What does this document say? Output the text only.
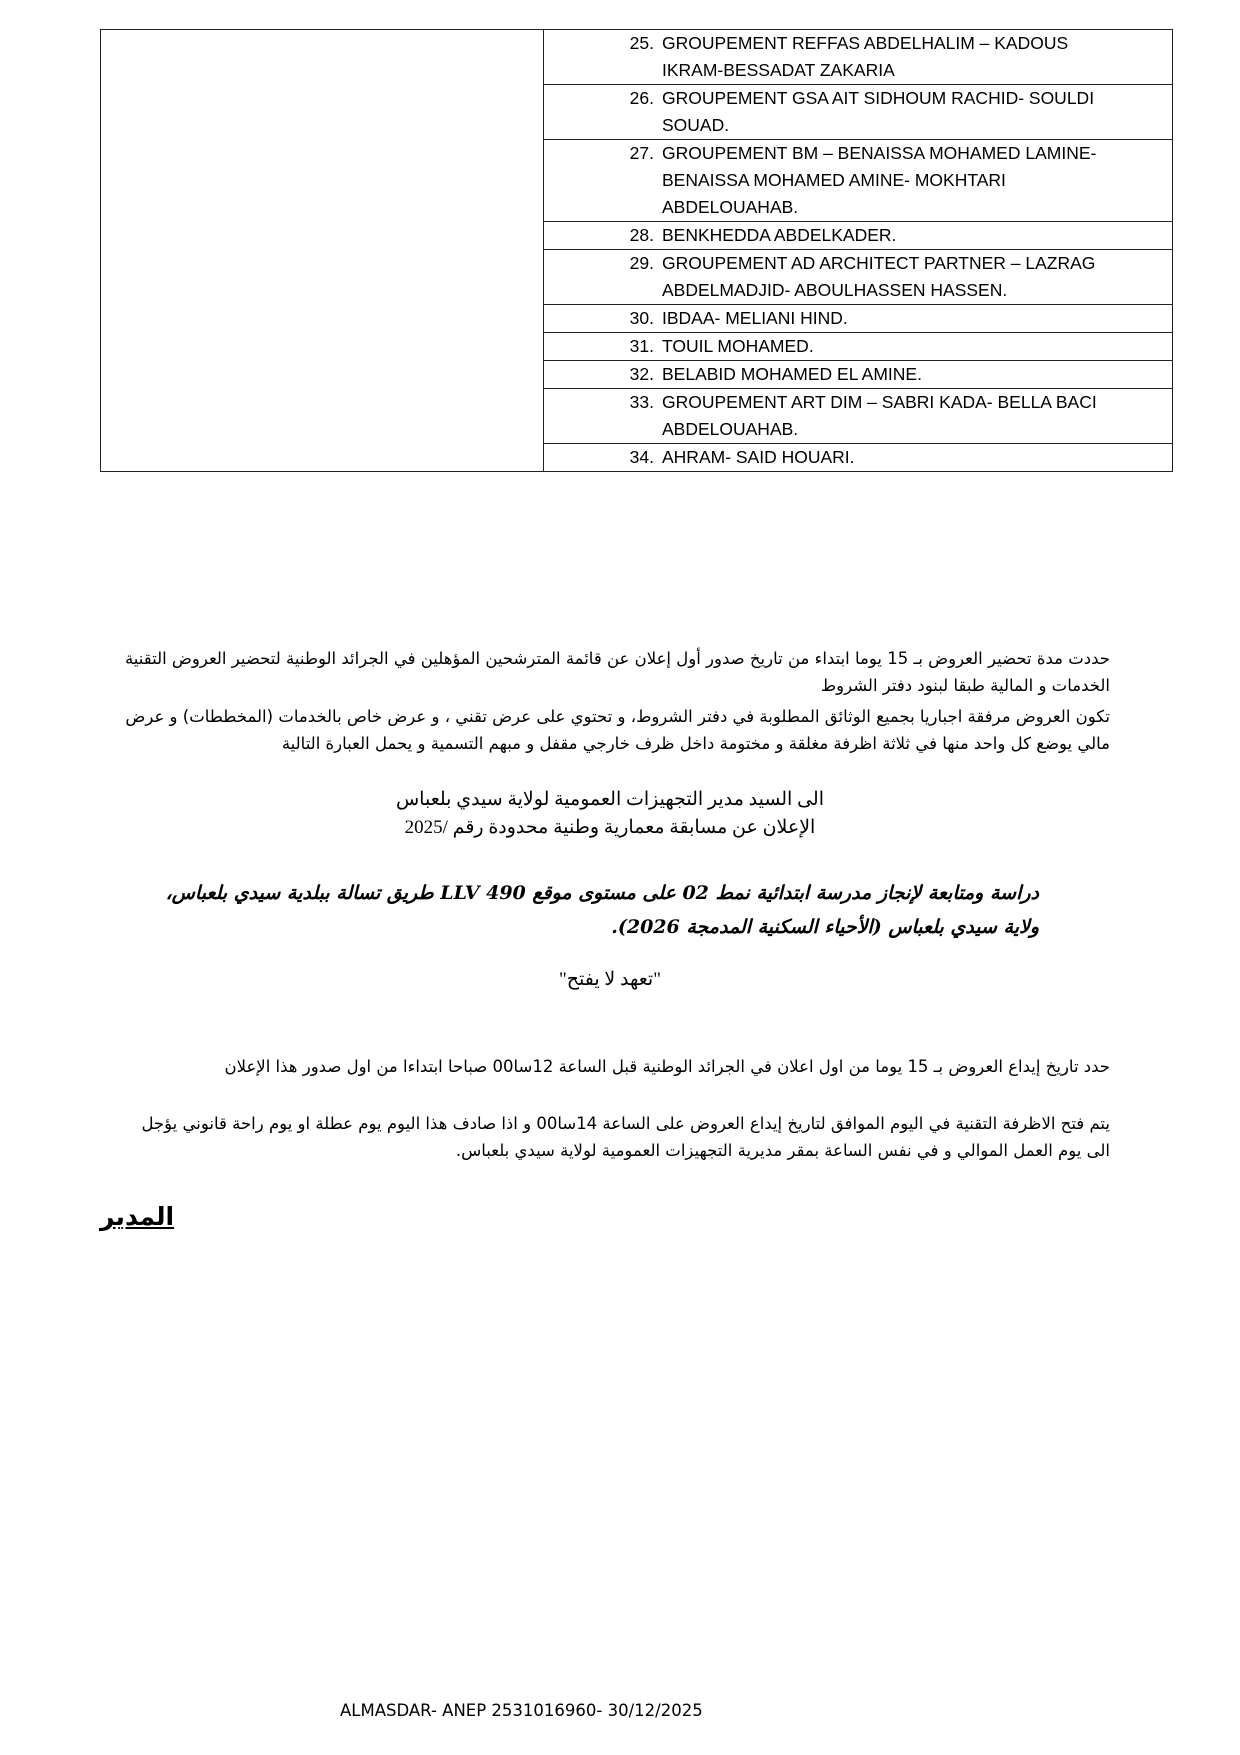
25. GROUPEMENT REFFAS ABDELHALIM – KADOUS
IKRAM-BESSADAT ZAKARIA

26. GROUPEMENT GSA AIT SIDHOUM RACHID- SOULDI
SOUAD.

27. GROUPEMENT BM – BENAISSA MOHAMED LAMINE-
BENAISSA MOHAMED AMINE- MOKHTARI
ABDELOUAHAB.

28. BENKHEDDA ABDELKADER.

29. GROUPEMENT AD ARCHITECT PARTNER – LAZRAG
ABDELMADJID- ABOULHASSEN HASSEN.

30. IBDAA- MELIANI HIND.

31. TOUIL MOHAMED.

32. BELABID MOHAMED EL AMINE.

33. GROUPEMENT ART DIM – SABRI KADA- BELLA BACI
ABDELOUAHAB.

34. AHRAM- SAID HOUARI.
حددت مدة تحضير العروض بـ 15 يوما ابتداء من تاريخ صدور أول إعلان عن قائمة المترشحين المؤهلين في الجرائد الوطنية لتحضير العروض التقنية الخدمات و المالية طبقا لبنود دفتر الشروط
تكون العروض مرفقة اجباريا بجميع الوثائق المطلوبة في دفتر الشروط، و تحتوي على عرض تقني ، و عرض خاص بالخدمات (المخططات) و عرض مالي يوضع كل واحد منها في ثلاثة اظرفة مغلقة و مختومة داخل ظرف خارجي مقفل و مبهم التسمية و يحمل العبارة التالية
الى السيد مدير التجهيزات العمومية لولاية سيدي بلعباس
الإعلان عن مسابقة معمارية وطنية محدودة رقم /2025
دراسة ومتابعة لإنجاز مدرسة ابتدائية نمط 02 على مستوى موقع 490 LLV طريق تسالة ببلدية سيدي بلعباس، ولاية سيدي بلعباس (الأحياء السكنية المدمجة 2026).
"تعهد لا يفتح"
حدد تاريخ إيداع العروض بـ 15 يوما من اول اعلان في الجرائد الوطنية قبل الساعة 12سا00 صباحا ابتداءا من اول صدور هذا الإعلان
يتم فتح الاظرفة التقنية في اليوم الموافق لتاريخ إيداع العروض على الساعة 14سا00 و اذا صادف هذا اليوم يوم عطلة او يوم راحة قانوني يؤجل الى يوم العمل الموالي و في نفس الساعة بمقر مديرية التجهيزات العمومية لولاية سيدي بلعباس.
المدير
ALMASDAR- ANEP 2531016960- 30/12/2025
